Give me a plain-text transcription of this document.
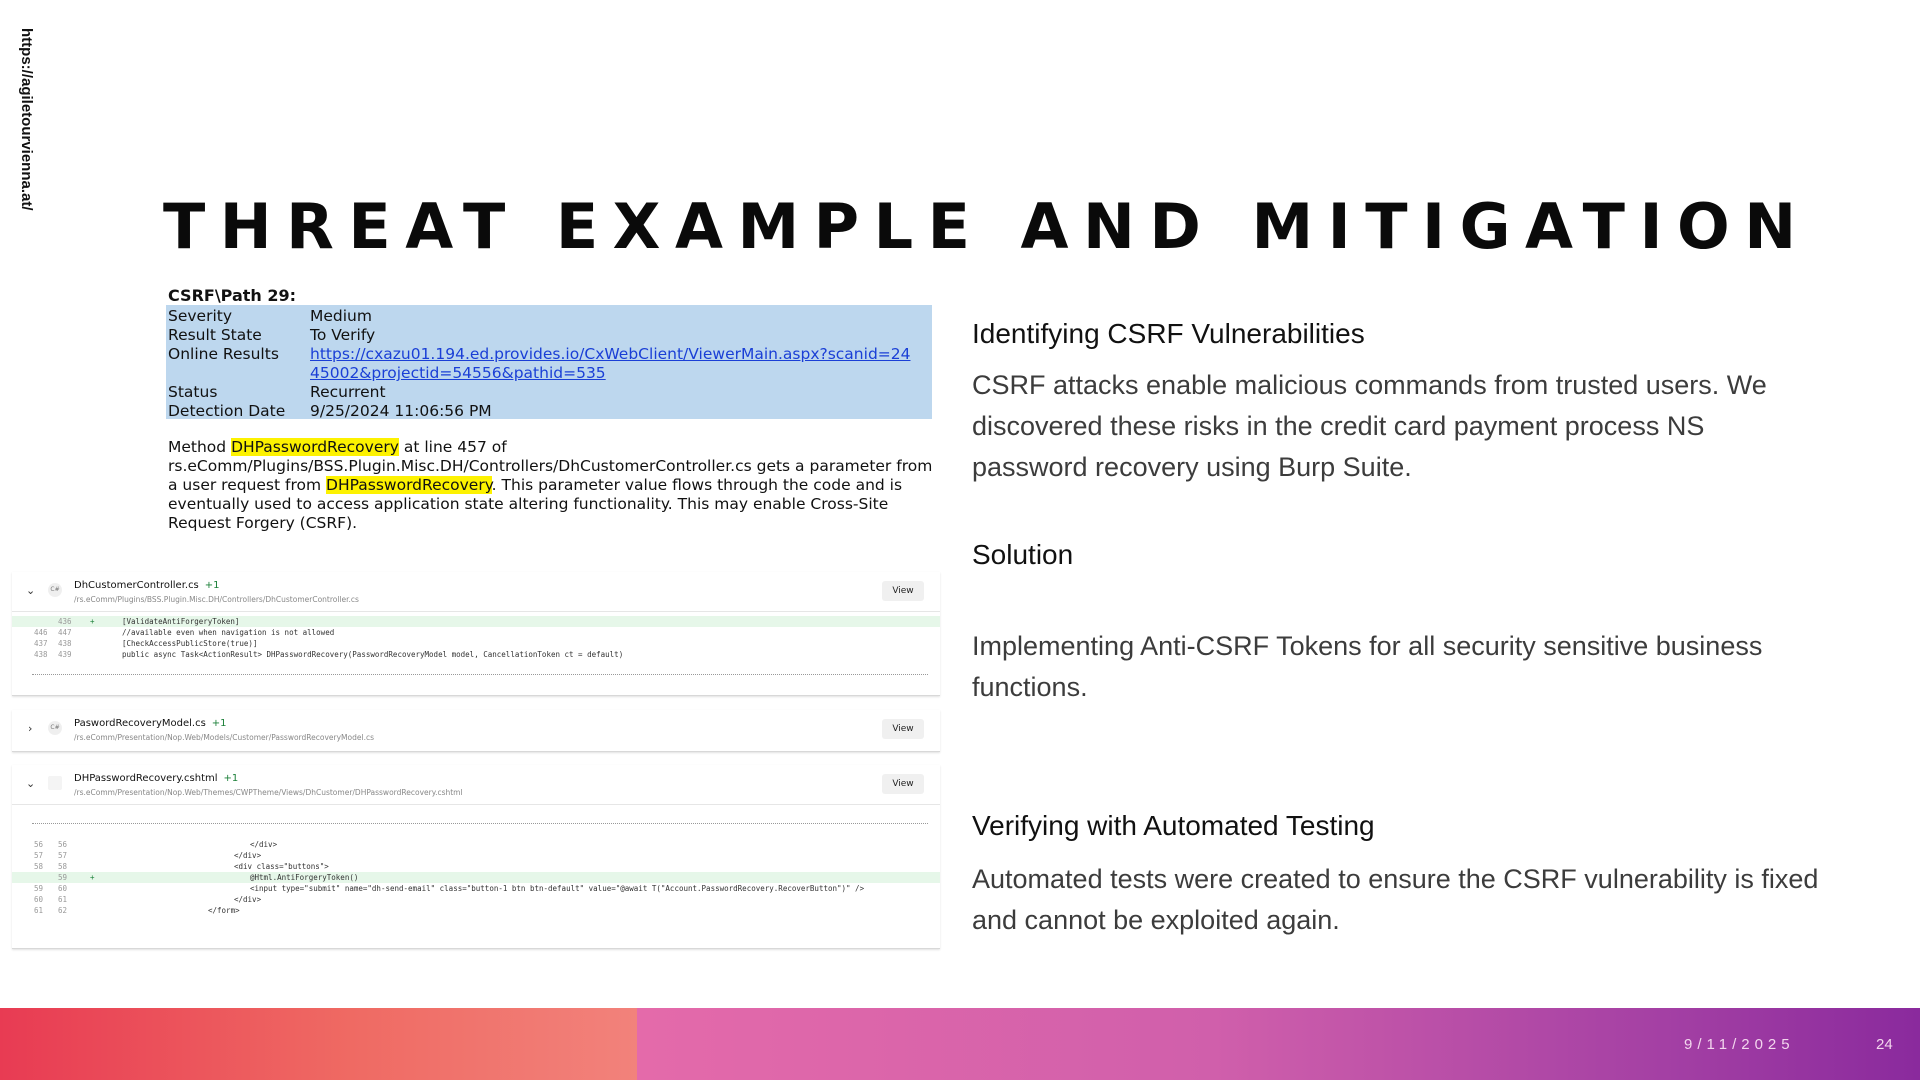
https://agiletourvienna.at/
THREAT EXAMPLE AND MITIGATION
CSRF\Path 29:
Severity	Medium
Result State	To Verify
Online Results	https://cxazu01.194.ed.provides.io/CxWebClient/ViewerMain.aspx?scanid=24
45002&projectid=54556&pathid=535
Status	Recurrent
Detection Date	9/25/2024 11:06:56 PM
Method DHPasswordRecovery at line 457 of rs.eComm/Plugins/BSS.Plugin.Misc.DH/Controllers/DhCustomerController.cs gets a parameter from a user request from DHPasswordRecovery. This parameter value flows through the code and is eventually used to access application state altering functionality. This may enable Cross-Site Request Forgery (CSRF).
⌄	C# DhCustomerController.cs +1
/rs.eComm/Plugins/BSS.Plugin.Misc.DH/Controllers/DhCustomerController.cs
View
436	+	[ValidateAntiForgeryToken]
446	447	//available even when navigation is not allowed
437	438	[CheckAccessPublicStore(true)]
438	439	public async Task<ActionResult> DHPasswordRecovery(PasswordRecoveryModel model, CancellationToken ct = default)
›	C# PaswordRecoveryModel.cs +1
/rs.eComm/Presentation/Nop.Web/Models/Customer/PasswordRecoveryModel.cs
View
⌄	DHPasswordRecovery.cshtml +1
/rs.eComm/Presentation/Nop.Web/Themes/CWPTheme/Views/DhCustomer/DHPasswordRecovery.cshtml
View
56	56	</div>
57	57	</div>
58	58	<div class="buttons">
59	+	@Html.AntiForgeryToken()
59	60	<input type="submit" name="dh-send-email" class="button-1 btn btn-default" value="@await T("Account.PasswordRecovery.RecoverButton")" />
60	61	</div>
61	62	</form>
Identifying CSRF Vulnerabilities
CSRF attacks enable malicious commands from trusted users. We discovered these risks in the credit card payment process NS password recovery using Burp Suite.
Solution
Implementing Anti-CSRF Tokens for all security sensitive business functions.
Verifying with Automated Testing
Automated tests were created to ensure the CSRF vulnerability is fixed and cannot be exploited again.
9/11/2025	24
